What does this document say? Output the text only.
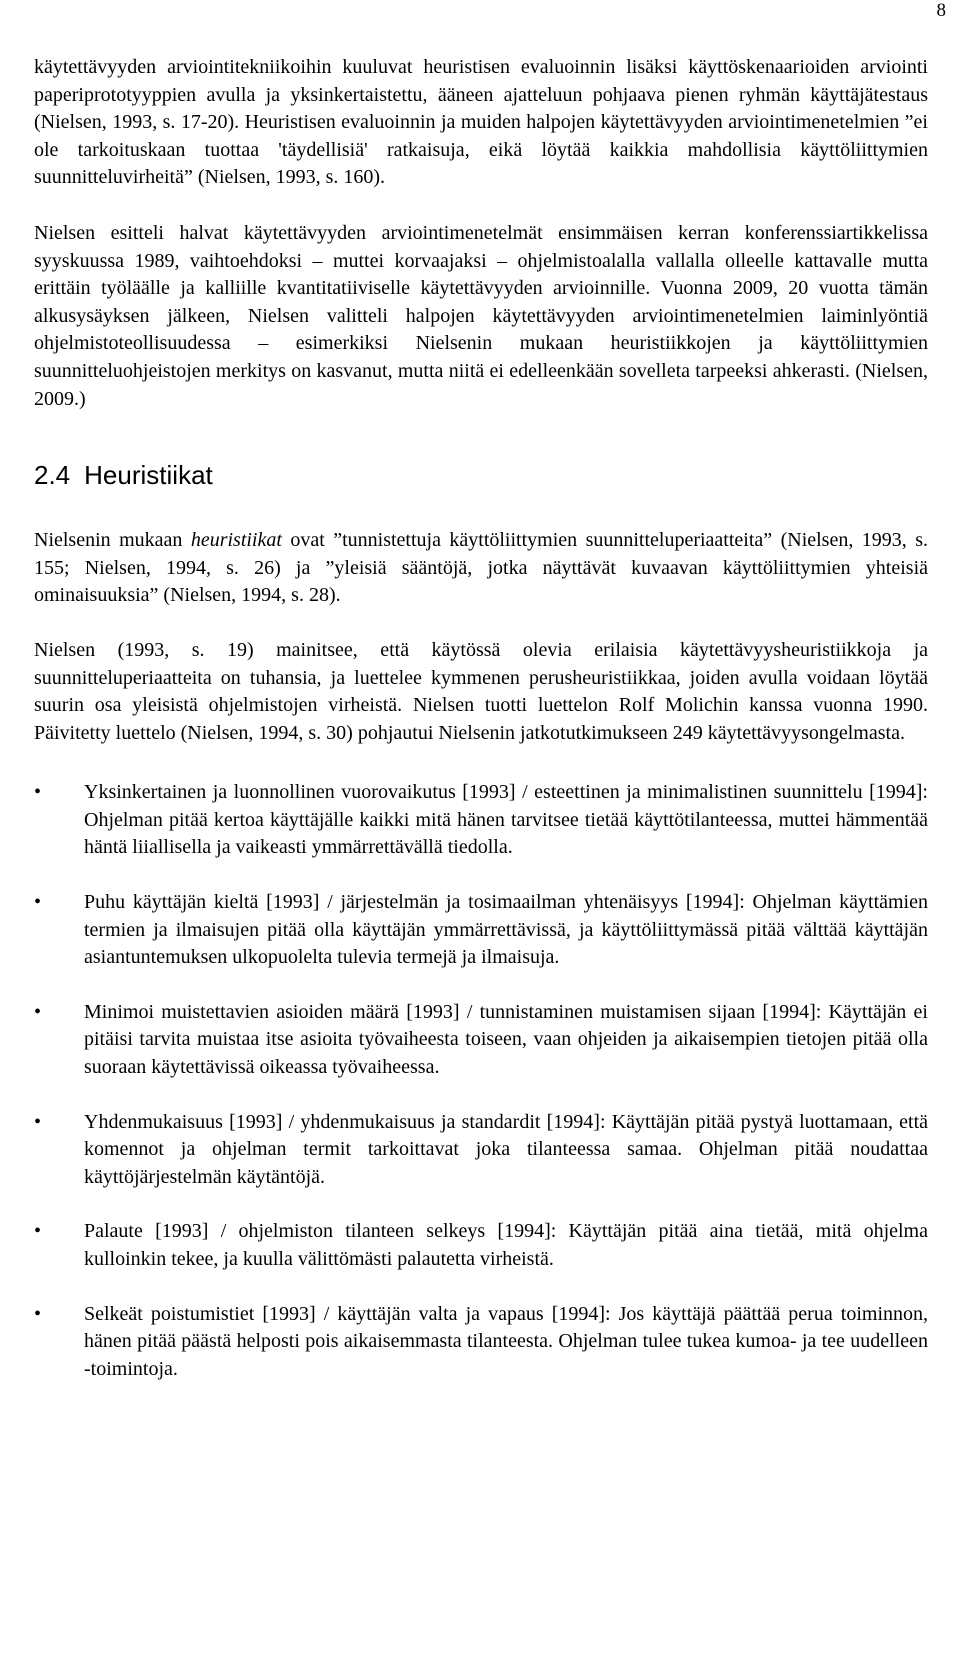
8

käytettävyyden arviointitekniikoihin kuuluvat heuristisen evaluoinnin lisäksi käyttöskenaarioiden arviointi paperiprototyyppien avulla ja yksinkertaistettu, ääneen ajatteluun pohjaava pienen ryhmän käyttäjätestaus (Nielsen, 1993, s. 17-20). Heuristisen evaluoinnin ja muiden halpojen käytettävyyden arviointimenetelmien ”ei ole tarkoituskaan tuottaa 'täydellisiä' ratkaisuja, eikä löytää kaikkia mahdollisia käyttöliittymien suunnitteluvirheitä” (Nielsen, 1993, s. 160).

Nielsen esitteli halvat käytettävyyden arviointimenetelmät ensimmäisen kerran konferenssiartikkelissa syyskuussa 1989, vaihtoehdoksi – muttei korvaajaksi – ohjelmistoalalla vallalla olleelle kattavalle mutta erittäin työläälle ja kalliille kvantitatiiviselle käytettävyyden arvioinnille. Vuonna 2009, 20 vuotta tämän alkusysäyksen jälkeen, Nielsen valitteli halpojen käytettävyyden arviointimenetelmien laiminlyöntiä ohjelmistoteollisuudessa – esimerkiksi Nielsenin mukaan heuristiikkojen ja käyttöliittymien suunnitteluohjeistojen merkitys on kasvanut, mutta niitä ei edelleenkään sovelleta tarpeeksi ahkerasti. (Nielsen, 2009.)

2.4 Heuristiikat

Nielsenin mukaan heuristiikat ovat ”tunnistettuja käyttöliittymien suunnitteluperiaatteita” (Nielsen, 1993, s. 155; Nielsen, 1994, s. 26) ja ”yleisiä sääntöjä, jotka näyttävät kuvaavan käyttöliittymien yhteisiä ominaisuuksia” (Nielsen, 1994, s. 28).

Nielsen (1993, s. 19) mainitsee, että käytössä olevia erilaisia käytettävyysheuristiikkoja ja suunnitteluperiaatteita on tuhansia, ja luettelee kymmenen perusheuristiikkaa, joiden avulla voidaan löytää suurin osa yleisistä ohjelmistojen virheistä. Nielsen tuotti luettelon Rolf Molichin kanssa vuonna 1990. Päivitetty luettelo (Nielsen, 1994, s. 30) pohjautui Nielsenin jatkotutkimukseen 249 käytettävyysongelmasta.

• Yksinkertainen ja luonnollinen vuorovaikutus [1993] / esteettinen ja minimalistinen suunnittelu [1994]: Ohjelman pitää kertoa käyttäjälle kaikki mitä hänen tarvitsee tietää käyttötilanteessa, muttei hämmentää häntä liiallisella ja vaikeasti ymmärrettävällä tiedolla.
• Puhu käyttäjän kieltä [1993] / järjestelmän ja tosimaailman yhtenäisyys [1994]: Ohjelman käyttämien termien ja ilmaisujen pitää olla käyttäjän ymmärrettävissä, ja käyttöliittymässä pitää välttää käyttäjän asiantuntemuksen ulkopuolelta tulevia termejä ja ilmaisuja.
• Minimoi muistettavien asioiden määrä [1993] / tunnistaminen muistamisen sijaan [1994]: Käyttäjän ei pitäisi tarvita muistaa itse asioita työvaiheesta toiseen, vaan ohjeiden ja aikaisempien tietojen pitää olla suoraan käytettävissä oikeassa työvaiheessa.
• Yhdenmukaisuus [1993] / yhdenmukaisuus ja standardit [1994]: Käyttäjän pitää pystyä luottamaan, että komennot ja ohjelman termit tarkoittavat joka tilanteessa samaa. Ohjelman pitää noudattaa käyttöjärjestelmän käytäntöjä.
• Palaute [1993] / ohjelmiston tilanteen selkeys [1994]: Käyttäjän pitää aina tietää, mitä ohjelma kulloinkin tekee, ja kuulla välittömästi palautetta virheistä.
• Selkeät poistumistiet [1993] / käyttäjän valta ja vapaus [1994]: Jos käyttäjä päättää perua toiminnon, hänen pitää päästä helposti pois aikaisemmasta tilanteesta. Ohjelman tulee tukea kumoa- ja tee uudelleen -toimintoja.
